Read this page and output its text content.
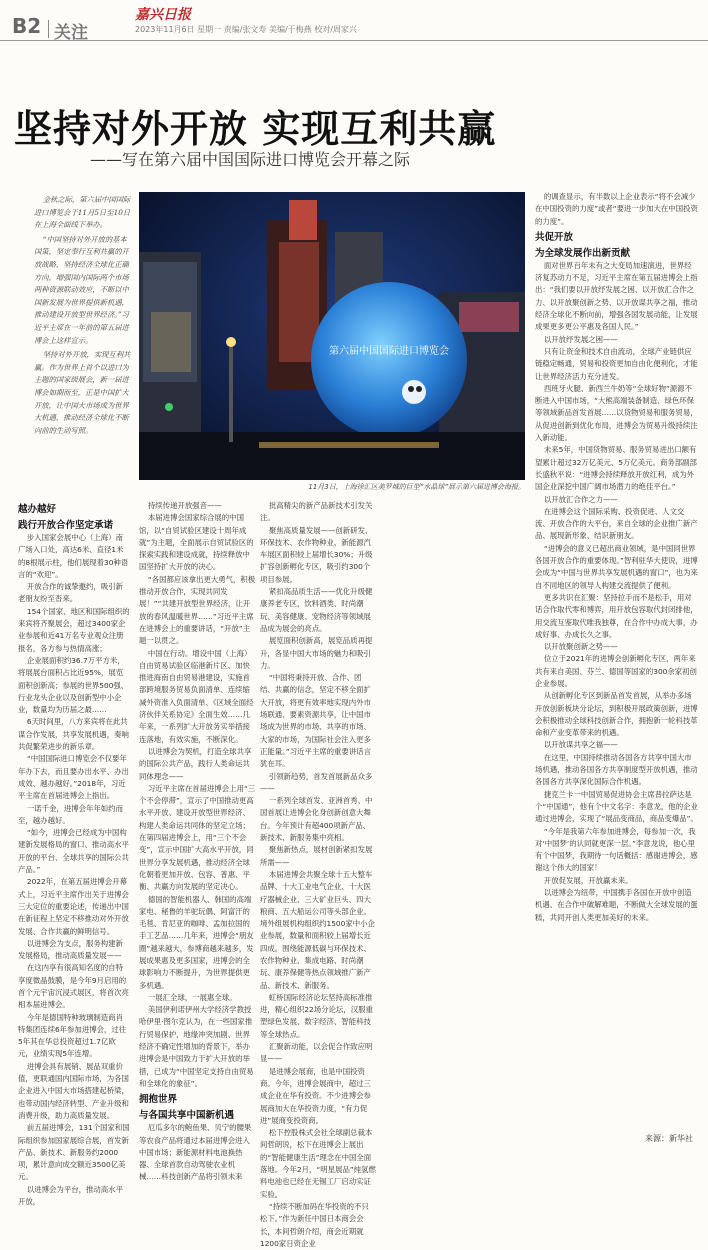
B2 关注
嘉兴日报
2023年11月6日 星期一 责编/张文寿 美编/于梅燕 校对/周家兴
坚持对外开放 实现互利共赢
——写在第六届中国国际进口博览会开幕之际

金秋之际，第六届中国国际进口博览会于11月5日至10日在上海全面线下举办。

“中国坚持对外开放的基本国策，坚定奉行互利共赢的开放战略，坚持经济全球化正确方向，增强国内国际两个市场两种资源联动效应，不断以中国新发展为世界提供新机遇，推动建设开放型世界经济。”习近平主席在一年前的第五届进博会上这样宣示。

坚持对外开放，实现互利共赢。作为世界上首个以进口为主题的国家级展会，新一届进博会如期而至，正是中国扩大开放，让中国大市场成为世界大机遇，推动经济全球化不断向前的生动写照。

第六届中国国际进口博览会
11月3日，上海徐汇区美罗城的巨型“水晶球”展示第六届进博会海报。
越办越好
践行开放合作坚定承诺

步入国家会展中心（上海）南广场入口处，高达6米、直径1米的8根展示柱，他们展现着30种语言的“欢迎”。

开放合作的诚挚邀约，吸引新老朋友纷至沓来。

154个国家、地区和国际组织的来宾将齐聚展会，超过3400家企业参展和近41万名专业观众注册报名，各方参与热情高涨；

企业展面积约36.7万平方米，将展展台面积占比近95%，展览面积创新高；参展的世界500强、行业龙头企业以及创新型中小企业，数量均为历届之最……

6天时间里，八方来宾将在此共谋合作发展，共享发展机遇，奏响共促繁荣进步的新乐章。

“中国国际进口博览会不仅要年年办下去，而且要办出水平、办出成效、越办越好。”2018年，习近平主席在首届进博会上指出。

一诺千金，进博会年年如约而至，越办越好。

“如今，进博会已经成为中国构建新发展格局的窗口、推动高水平开放的平台、全球共享的国际公共产品。”

2022年，在第五届进博会开幕式上，习近平主席作出关于进博会三大定位的重要论述，传递出中国在新征程上坚定不移推动对外开放发展、合作共赢的鲜明信号。

以进博会为支点，服务构建新发展格局，推动高质量发展——

在这内享有很高知名度的自特享度微晶鼓膜，是今年9月启用的首个元宇宙沉浸式展区，将首次亮相本届进博会。

今年是德国特种玻璃制造商肖特集团连续6年参加进博会，过往5年其在华总投资超过1.7亿欧元，业绩实现5年连增。

进博会具有展销、展品双重价值，更联通国内国际市场，为各国企业进入中国大市场搭建起桥梁，也带动国内经济转型、产业升级和消费升级，助力高质量发展。

前五届进博会，131个国家和国际组织参加国家展综合展，首发新产品、新技术、新服务约2000项，累计意向成交额近3500亿美元。

以进博会为平台，推动高水平开放，

持续传递开放强音——

本届进博会国家综合展的中国馆，以“自贸试验区建设十周年成就”为主题，全面展示自贸试验区的探索实践和建设成就，持续释放中国坚持扩大开放的决心。

“各国都应该拿出更大勇气，积极推动开放合作，实现共同发展！”“共建开放型世界经济，让开放的春风温暖世界……”习近平主席在进博会上的重要讲话，“开放”主题一以贯之。

中国在行动。增设中国（上海）自由贸易试验区临港新片区、加快推进海南自由贸易港建设，实施首部跨境服务贸易负面清单、连续缩减外资准入负面清单、《区域全面经济伙伴关系协定》全面生效……几年来，一系列扩大开放务实举措接连落地，有效实施，不断深化。

以进博会为契机，打造全球共享的国际公共产品，践行人类命运共同体理念——

习近平主席在首届进博会上用“三个不会停滞”，宣示了中国推动更高水平开放、建设开放型世界经济、构建人类命运共同体的坚定立场；在第四届进博会上，用“三个不会变”，宣示中国扩大高水平开放，同世界分享发展机遇，推动经济全球化朝着更加开放、包容、普惠、平衡、共赢方向发展的坚定决心。

德国的智能机器人、韩国的高端家电、秘鲁的羊驼玩偶、阿富汗的毛毯、肯尼亚的咖啡、孟加拉国的手工艺品……几年来，进博会“朋友圈”越来越大，参博商越来越多，发展成果惠及更多国家，进博会的全球影响力不断提升，为世界提供更多机遇。

一展汇全球，一展惠全球。

美国伊利诺伊州大学经济学教授哈伊里·图尔克认为，在一些国家推行贸易保护、地缘冲突加剧、世界经济不确定性增加的背景下，举办进博会是中国致力于扩大开放的举措，已成为“中国坚定支持自由贸易和全球化的象征”。

拥抱世界
与各国共享中国新机遇

厄瓜多尔的鲍鱼果、贝宁的腰果等农食产品将通过本届进博会进入中国市场；新能源材料电池换热器、全球首款自动驾驶农业机械……科技创新产品将引领未来

批高精尖的新产品新技术引发关注。

聚焦高质量发展——创新研发、环保技术、农作物种业、新能源汽车展区面积较上届增长30%；升级扩容创新孵化专区，吸引约300个项目参展。

紧扣高品质生活——优化升级健康养老专区，饮料酒类、时尚潮玩、美容健康、宠物经济等领域展品成为展会的亮点。

展览面积创新高，展览品质再提升，各显中国大市场的魅力和吸引力。

“中国将秉持开放、合作、团结、共赢的信念，坚定不移全面扩大开放，将更有效率地实现内外市场联通、要素资源共享，让中国市场成为世界的市场、共享的市场、大家的市场，为国际社会注入更多正能量。”习近平主席的重要讲话言犹在耳。

引领新趋势，首发首展新品众多——

一系列全球首发、亚洲首秀、中国首展让进博会化身创新创意大舞台。今年预计有超400项新产品、新技术、新服务集中亮相。

聚焦新热点，展材创新紧扣发展所需——

本届进博会共聚全球十五大整车品牌、十大工业电气企业、十大医疗器械企业、三大矿业巨头、四大粮商、五大船运公司等头部企业。境外组展机构组织约1500家中小企业参展，数量和面积较上届增长近四成。围绕能源低碳与环保技术、农作物种业、集成电路、时尚潮玩、康养保健等热点领域推广新产品、新技术、新服务。

虹桥国际经济论坛坚持高标准推进，精心组织22场分论坛，汉服重塑绿色发展、数字经济、智能科技等全球热点。

汇聚新动能，以会促合作致应明显——

是进博会展商，也是中国投资商。今年，进博会展商中，超过三成企业在华有投资。不少进博会参展商加大在华投资力度，“有力促进”展商变投资商。

松下控股株式会社全球副总裁本间哲朗说，松下在进博会上展出的“智能健康生活”理念在中国全面落地。今年2月，“明星展品”纯氢燃料电池也已经在无锡工厂启动实证实验。

“持续不断加码在华投资的不只松下。”作为新任中国日本商会会长，本间哲朗介绍，商会近期就1200家日资企业

的调查显示，有半数以上企业表示“将不会减少在中国投资的力度”或者“要进一步加大在中国投资的力度”。

共促开放
为全球发展作出新贡献

面对世界百年未有之大变局加速演进，世界经济复苏动力不足，习近平主席在第五届进博会上指出：“我们要以开放纾发展之困、以开放汇合作之力、以开放聚创新之势、以开放谋共享之福，推动经济全球化不断向前，增强各国发展动能，让发展成果更多更公平惠及各国人民。”

以开放纾发展之困——

只有让资金和技术自由流动，全球产业链供应链稳定畅通，贸易和投资更加自由化便利化，才能让世界经济活力充分迸发。

西班牙火腿、新西兰牛奶等“全球好物”源源不断进入中国市场，“大熊高端装备制造、绿色环保等领域新品首发首展……以货物贸易和服务贸易，从促进创新到优化布局，进博会为贸易升级持续注入新动能。

未来5年，中国货物贸易、服务贸易进出口额有望累计超过32万亿美元、5万亿美元。商务部副部长盛秋平说：“进博会持续释放开放红利，成为外国企业深挖中国广阔市场潜力的绝佳平台。”

以开放汇合作之力——

在进博会这个国际采购、投资促进、人文交流、开放合作的大平台，来自全球的企业推广新产品、展现新形象、结识新朋友。

“进博会的意义已超出商业领域，是中国同世界各国开放合作的重要体现。”智利驻华大使说，进博会成为“中国与世界共享发展机遇的窗口”，也为来自不同地区的领导人构建交流提供了便利。

更多共识在汇聚：坚持拉手而不是松手，用对话合作取代零和博弈，用开放包容取代封闭排他，用交流互鉴取代唯我独尊，在合作中办成大事，办成好事、办成长久之事。

以开放聚创新之势——

位立于2021年的进博会创新孵化专区，两年来共有来自美国、芬兰、德国等国家的300余家初创企业参展。

从创新孵化专区到新品首发首展，从举办多场开放创新板块分论坛，到积极开展政策创新，进博会积极推动全球科技创新合作，拥抱新一轮科技革命和产业变革带来的机遇。

以开放谋共享之福——

在这里，中国持续推动各国各方共享中国大市场机遇，推动各国各方共享制度型开放机遇，推动各国各方共享深化国际合作机遇。

捷克兰卡一中国贸易促进协会主席普拉萨达是个“中国通”，他有个中文名字：李意龙，他的企业通过进博会，实现了“展品变商品，商品变爆品”。

“今年是我第六年参加进博会，每参加一次，我对‘中国梦’的认同就更深一层。”李意龙说，他心里有个中国梦，我期待一句话概括：感谢进博会，感谢这个伟大的国家！

开放促发展，开放赢未来。

以进博会为纽带，中国携手各国在开放中创造机遇、在合作中破解难题，不断做大全球发展的蛋糕，共同开创人类更加美好的未来。

来源：新华社
